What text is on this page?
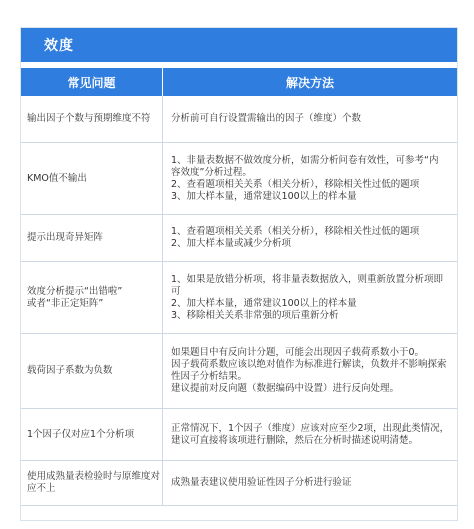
效度
常见问题	解决方法
输出因子个数与预期维度不符 分析前可自行设置需输出的因子（维度）个数
KMO值不输出
1、非量表数据不做效度分析，如需分析问卷有效性，可参考“内
容效度”分析过程。
2、查看题项相关关系（相关分析），移除相关性过低的题项
3、加大样本量，通常建议100以上的样本量
提示出现奇异矩阵
1、查看题项相关关系（相关分析），移除相关性过低的题项
2、加大样本量或减少分析项
效度分析提示“出错啦”
或者“非正定矩阵”
1、如果是放错分析项，将非量表数据放入，则重新放置分析项即
可
2、加大样本量，通常建议100以上的样本量
3、移除相关关系非常强的项后重新分析
载荷因子系数为负数
如果题目中有反向计分题，可能会出现因子载荷系数小于0。
因子载荷系数应该以绝对值作为标准进行解读，负数并不影响探索
性因子分析结果。
建议提前对反向题（数据编码中设置）进行反向处理。
1个因子仅对应1个分析项
正常情况下，1个因子（维度）应该对应至少2项，出现此类情况，
建议可直接将该项进行删除，然后在分析时描述说明清楚。
使用成熟量表检验时与原维度对
应不上
成熟量表建议使用验证性因子分析进行验证
